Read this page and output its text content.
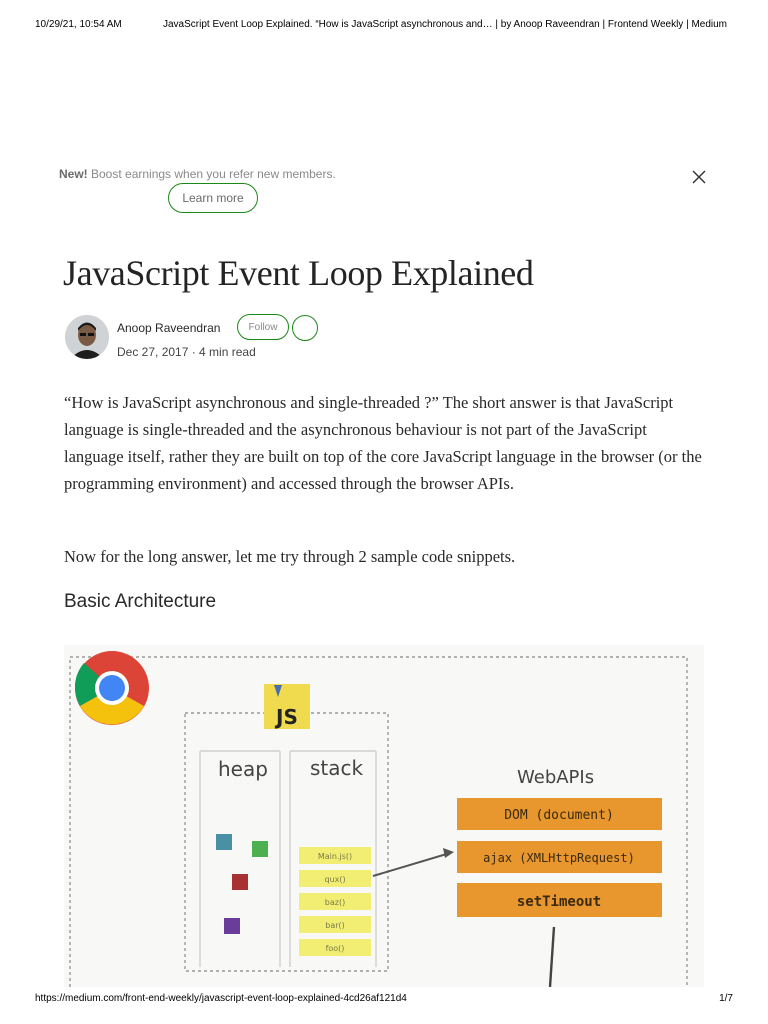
10/29/21, 10:54 AM	JavaScript Event Loop Explained. “How is JavaScript asynchronous and… | by Anoop Raveendran | Frontend Weekly | Medium
New! Boost earnings when you refer new members.
Learn more
JavaScript Event Loop Explained
Anoop Raveendran	Follow
Dec 27, 2017 · 4 min read
“How is JavaScript asynchronous and single-threaded ?” The short answer is that JavaScript language is single-threaded and the asynchronous behaviour is not part of the JavaScript language itself, rather they are built on top of the core JavaScript language in the browser (or the programming environment) and accessed through the browser APIs.
Now for the long answer, let me try through 2 sample code snippets.
Basic Architecture
JS
heap stack
Main.js()
qux()
baz()
bar()
foo()
WebAPIs
DOM (document)
ajax (XMLHttpRequest)
setTimeout
https://medium.com/front-end-weekly/javascript-event-loop-explained-4cd26af121d4	1/7
